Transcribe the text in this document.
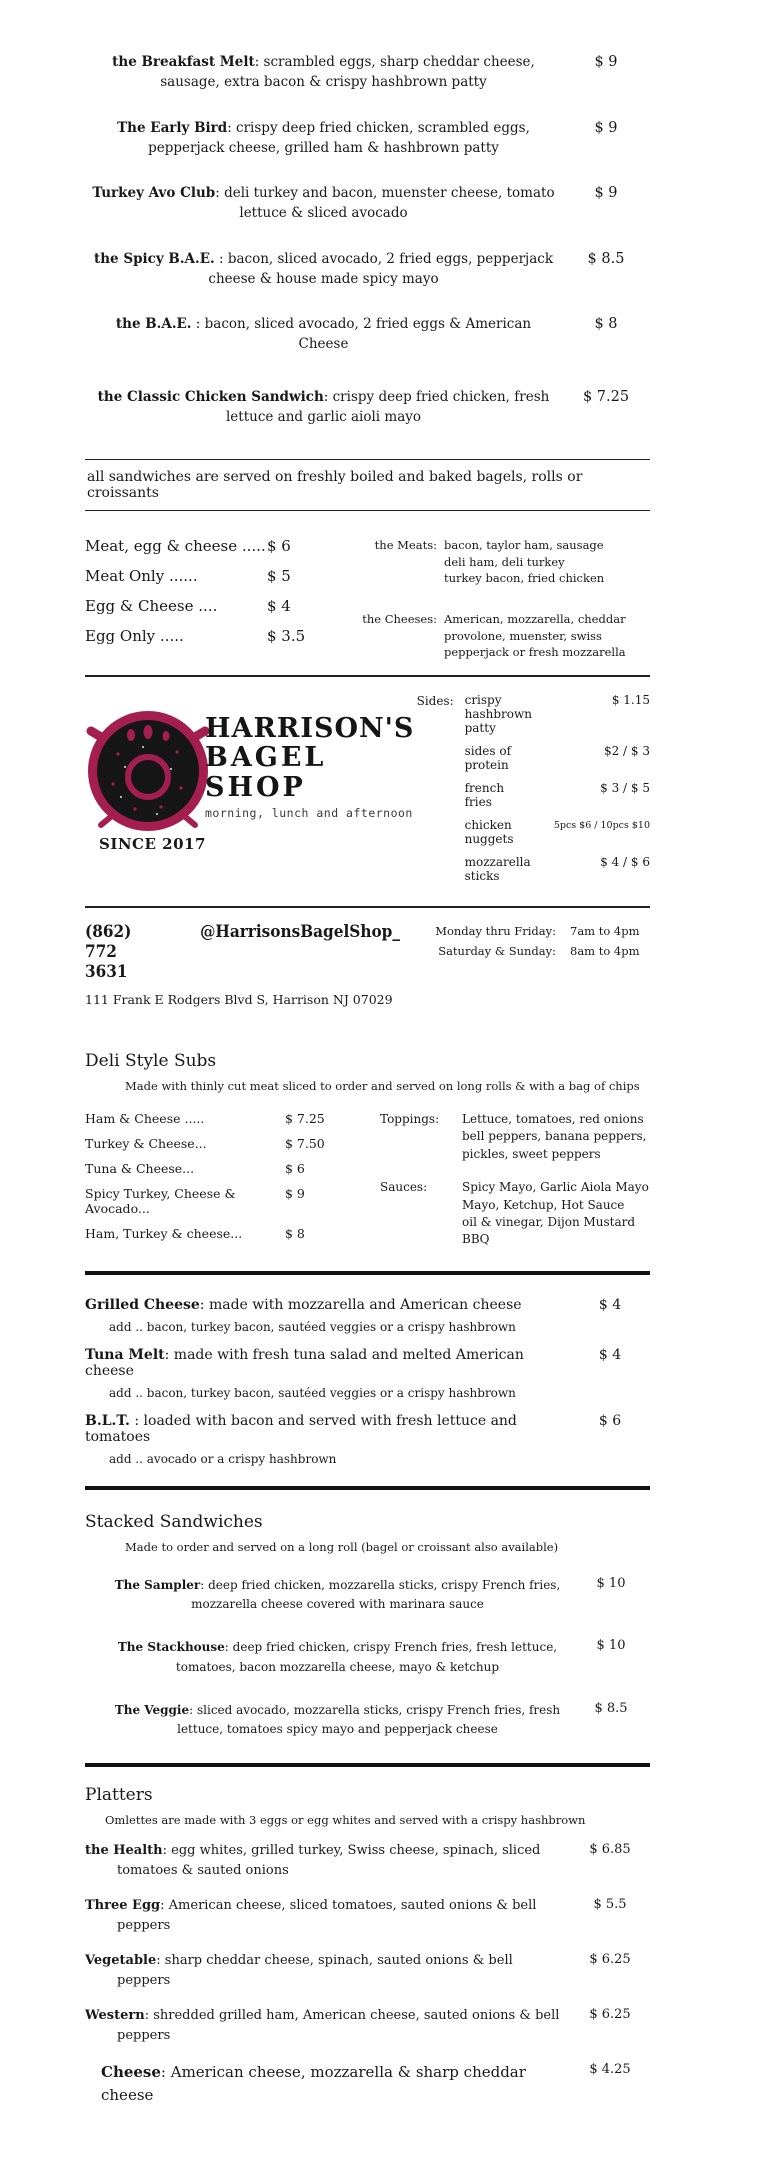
the Breakfast Melt: scrambled eggs, sharp cheddar cheese, sausage, extra bacon & crispy hashbrown patty
$ 9
The Early Bird: crispy deep fried chicken, scrambled eggs, pepperjack cheese, grilled ham & hashbrown patty
$ 9
Turkey Avo Club: deli turkey and bacon, muenster cheese, tomato lettuce & sliced avocado
$ 9
the Spicy B.A.E. : bacon, sliced avocado, 2 fried eggs, pepperjack cheese & house made spicy mayo
$ 8.5
the B.A.E. : bacon, sliced avocado, 2 fried eggs & American Cheese
$ 8
the Classic Chicken Sandwich: crispy deep fried chicken, fresh lettuce and garlic aioli mayo
$ 7.25
all sandwiches are served on freshly boiled and baked bagels, rolls or croissants
Meat, egg & cheese ..... $ 6
Meat Only ......	$ 5
Egg & Cheese ....	$ 4
Egg Only .....	$ 3.5
the Meats: bacon, taylor ham, sausage
deli ham, deli turkey
turkey bacon, fried chicken
the Cheeses: American, mozzarella, cheddar
provolone, muenster, swiss
pepperjack or fresh mozzarella
HARRISON'S
BAGEL SHOP
morning, lunch and afternoon
SINCE 2017
Sides: crispy hashbrown patty
$ 1.15
sides of protein
$2 / $ 3
french fries
$ 3 / $ 5
chicken nuggets
5pcs $6 / 10pcs $10
mozzarella sticks
$ 4 / $ 6
(862) 772 3631
@HarrisonsBagelShop_
111 Frank E Rodgers Blvd S, Harrison NJ 07029
Monday thru Friday:	7am to 4pm
Saturday & Sunday:	8am to 4pm
Deli Style Subs
Made with thinly cut meat sliced to order and served on long rolls & with a bag of chips
Ham & Cheese .....	$ 7.25
Turkey & Cheese...	$ 7.50
Tuna & Cheese...	$ 6
Spicy Turkey, Cheese & Avocado...
$ 9
Ham, Turkey & cheese...	$ 8
Toppings:	Lettuce, tomatoes, red onions
bell peppers, banana peppers,
pickles, sweet peppers
Sauces:	Spicy Mayo, Garlic Aiola Mayo
Mayo, Ketchup, Hot Sauce
oil & vinegar, Dijon Mustard
BBQ
Grilled Cheese: made with mozzarella and American cheese	$ 4
add .. bacon, turkey bacon, sautéed veggies or a crispy hashbrown
Tuna Melt: made with fresh tuna salad and melted American cheese
$ 4
add .. bacon, turkey bacon, sautéed veggies or a crispy hashbrown
B.L.T. : loaded with bacon and served with fresh lettuce and tomatoes
$ 6
add .. avocado or a crispy hashbrown
Stacked Sandwiches
Made to order and served on a long roll (bagel or croissant also available)
The Sampler: deep fried chicken, mozzarella sticks, crispy French fries, mozzarella cheese covered with marinara sauce
$ 10
The Stackhouse: deep fried chicken, crispy French fries, fresh lettuce, tomatoes, bacon mozzarella cheese, mayo & ketchup
$ 10
The Veggie: sliced avocado, mozzarella sticks, crispy French fries, fresh lettuce, tomatoes spicy mayo and pepperjack cheese
$ 8.5
Platters
Omlettes are made with 3 eggs or egg whites and served with a crispy hashbrown
the Health: egg whites, grilled turkey, Swiss cheese, spinach, sliced tomatoes & sauted onions
$ 6.85
Three Egg: American cheese, sliced tomatoes, sauted onions & bell peppers
$ 5.5
Vegetable: sharp cheddar cheese, spinach, sauted onions & bell peppers
$ 6.25
Western: shredded grilled ham, American cheese, sauted onions & bell peppers
$ 6.25
Cheese: American cheese, mozzarella & sharp cheddar cheese
$ 4.25
